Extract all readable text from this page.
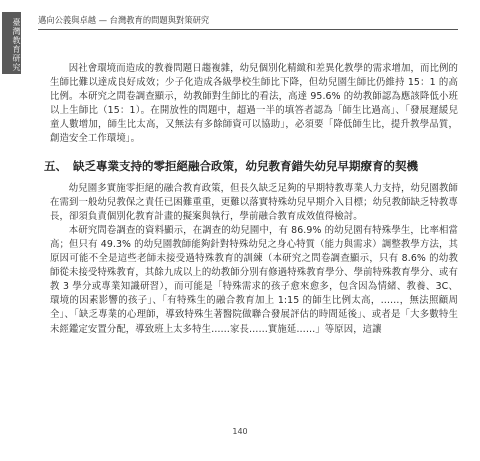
臺灣教育研究 邁向公義與卓越 — 台灣教育的問題與對策研究

因社會環境而造成的教養問題日趨複雜，幼兒個別化精緻和差異化教學的需求增加，而比例的生師比難以達成良好成效；少子化造成各級學校生師比下降，但幼兒園生師比仍維持 15：1 的高比例。本研究之問卷調查顯示，幼教師對生師比的看法，高達 95.6% 的幼教師認為應該降低小班以上生師比（15：1）。在開放性的問題中，超過一半的填答者認為「師生比過高」、「發展遲緩兒童人數增加，師生比太高，又無法有多餘師資可以協助」，必須要「降低師生比，提升教學品質，創造安全工作環境」。

五、 缺乏專業支持的零拒絕融合政策，幼兒教育錯失幼兒早期療育的契機

幼兒園多實施零拒絕的融合教育政策，但長久缺乏足夠的早期特教專業人力支持，幼兒園教師在需到一般幼兒教保之責任已困難重重，更難以落實特殊幼兒早期介入目標；幼兒教師缺乏特教專長，卻須負責個別化教育計畫的擬案與執行，學前融合教育成效值得檢討。

本研究問卷調查的資料顯示，在調查的幼兒園中，有 86.9% 的幼兒園有特殊學生，比率相當高；但只有 49.3% 的幼兒園教師能夠針對特殊幼兒之身心特質（能力與需求）調整教學方法，其原因可能不全是這些老師未接受過特殊教育的訓練（本研究之問卷調查顯示，只有 8.6% 的幼教師從未接受特殊教育，其餘九成以上的幼教師分別有修過特殊教育學分、學前特殊教育學分、或有教 3 學分或專業知識研習），而可能是「特殊需求的孩子愈來愈多，包含因為情緒、教養、3C、環境的因素影響的孩子」、「有特殊生的融合教育加上 1:15 的師生比例太高，……，無法照顧周全」、「缺乏專業的心理師，導致特殊生著醫院做聯合發展評估的時間延後」、或者是「大多數特生未經鑑定安置分配，導致班上太多特生……家長……實施延……」等原因，這讓

140
